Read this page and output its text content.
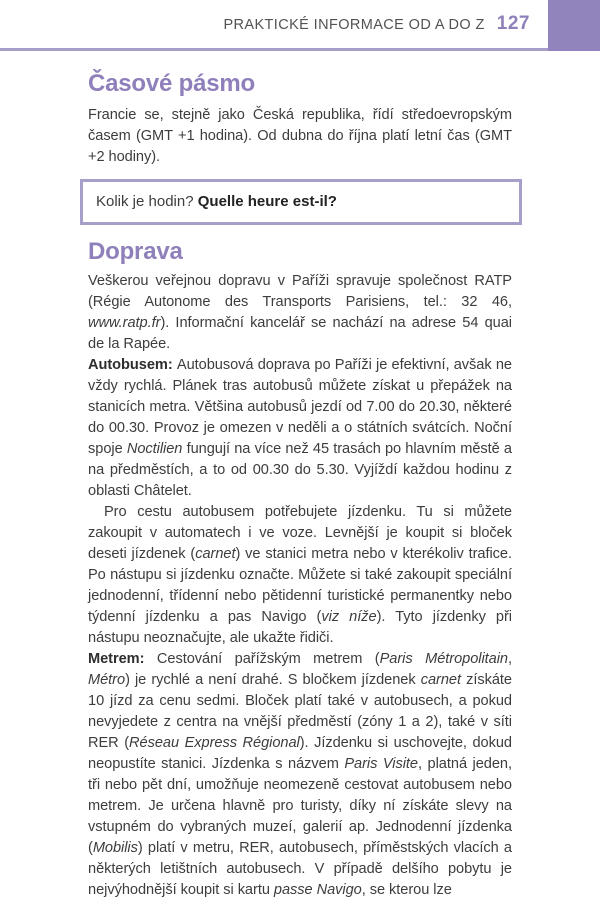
PRAKTICKÉ INFORMACE OD A DO Z 127
Časové pásmo

Francie se, stejně jako Česká republika, řídí středoevropským časem (GMT +1 hodina). Od dubna do října platí letní čas (GMT +2 hodiny).

Kolik je hodin? Quelle heure est-il?
Doprava

Veškerou veřejnou dopravu v Paříži spravuje společnost RATP (Régie Autonome des Transports Parisiens, tel.: 32 46, www.ratp.fr). Informační kancelář se nachází na adrese 54 quai de la Rapée.

Autobusem: Autobusová doprava po Paříži je efektivní, avšak ne vždy rychlá. Plánek tras autobusů můžete získat u přepážek na stanicích metra. Většina autobusů jezdí od 7.00 do 20.30, některé do 00.30. Provoz je omezen v neděli a o státních svátcích. Noční spoje Noctilien fungují na více než 45 trasách po hlavním městě a na předměstích, a to od 00.30 do 5.30. Vyjíždí každou hodinu z oblasti Châtelet.

Pro cestu autobusem potřebujete jízdenku. Tu si můžete zakoupit v automatech i ve voze. Levnější je koupit si bloček deseti jízdenek (carnet) ve stanici metra nebo v kterékoliv trafice. Po nástupu si jízdenku označte. Můžete si také zakoupit speciální jednodenní, třídenní nebo pětidenní turistické permanentky nebo týdenní jízdenku a pas Navigo (viz níže). Tyto jízdenky při nástupu neoznačujte, ale ukažte řidiči.

Metrem: Cestování pařížským metrem (Paris Métropolitain, Métro) je rychlé a není drahé. S bločkem jízdenek carnet získáte 10 jízd za cenu sedmi. Bloček platí také v autobusech, a pokud nevyjedete z centra na vnější předměstí (zóny 1 a 2), také v síti RER (Réseau Express Régional). Jízdenku si uschovejte, dokud neopustíte stanici. Jízdenka s názvem Paris Visite, platná jeden, tři nebo pět dní, umožňuje neomezeně cestovat autobusem nebo metrem. Je určena hlavně pro turisty, díky ní získáte slevy na vstupném do vybraných muzeí, galerií ap. Jednodenní jízdenka (Mobilis) platí v metru, RER, autobusech, příměstských vlacích a některých letištních autobusech. V případě delšího pobytu je nejvýhodnější koupit si kartu passe Navigo, se kterou lze
